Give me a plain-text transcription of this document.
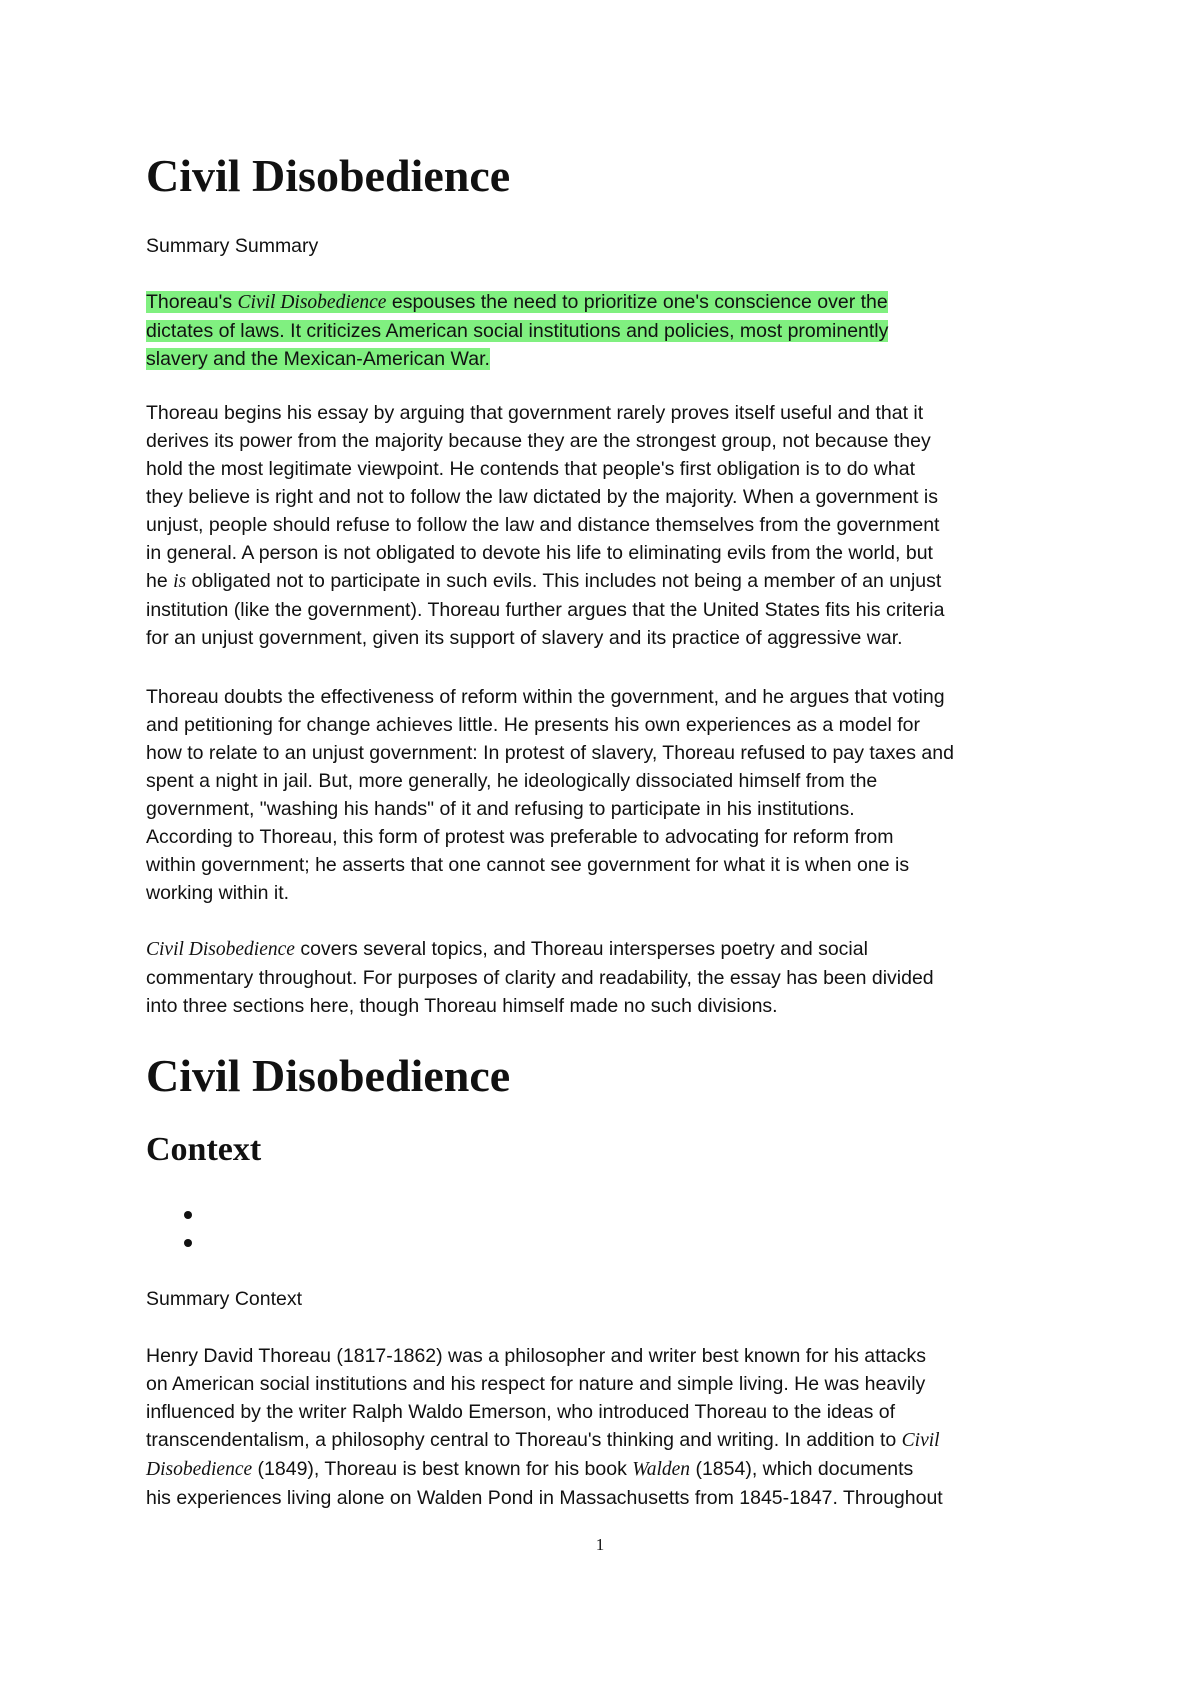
Civil Disobedience
Summary Summary
Thoreau's Civil Disobedience espouses the need to prioritize one's conscience over the
dictates of laws. It criticizes American social institutions and policies, most prominently
slavery and the Mexican-American War.
Thoreau begins his essay by arguing that government rarely proves itself useful and that it
derives its power from the majority because they are the strongest group, not because they
hold the most legitimate viewpoint. He contends that people's first obligation is to do what
they believe is right and not to follow the law dictated by the majority. When a government is
unjust, people should refuse to follow the law and distance themselves from the government
in general. A person is not obligated to devote his life to eliminating evils from the world, but
he is obligated not to participate in such evils. This includes not being a member of an unjust
institution (like the government). Thoreau further argues that the United States fits his criteria
for an unjust government, given its support of slavery and its practice of aggressive war.
Thoreau doubts the effectiveness of reform within the government, and he argues that voting
and petitioning for change achieves little. He presents his own experiences as a model for
how to relate to an unjust government: In protest of slavery, Thoreau refused to pay taxes and
spent a night in jail. But, more generally, he ideologically dissociated himself from the
government, "washing his hands" of it and refusing to participate in his institutions.
According to Thoreau, this form of protest was preferable to advocating for reform from
within government; he asserts that one cannot see government for what it is when one is
working within it.
Civil Disobedience covers several topics, and Thoreau intersperses poetry and social
commentary throughout. For purposes of clarity and readability, the essay has been divided
into three sections here, though Thoreau himself made no such divisions.
Civil Disobedience
Context
Summary Context
Henry David Thoreau (1817-1862) was a philosopher and writer best known for his attacks
on American social institutions and his respect for nature and simple living. He was heavily
influenced by the writer Ralph Waldo Emerson, who introduced Thoreau to the ideas of
transcendentalism, a philosophy central to Thoreau's thinking and writing. In addition to Civil
Disobedience (1849), Thoreau is best known for his book Walden (1854), which documents
his experiences living alone on Walden Pond in Massachusetts from 1845-1847. Throughout
1
